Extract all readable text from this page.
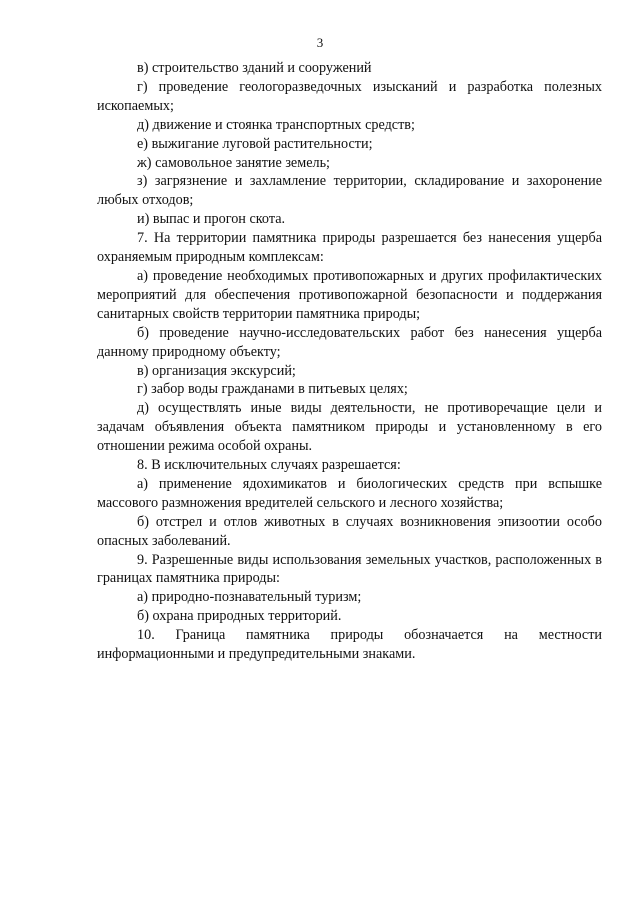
3

в) строительство зданий и сооружений

г) проведение геологоразведочных изысканий и разработка полезных ископаемых;

д) движение и стоянка транспортных средств;

е) выжигание луговой растительности;

ж) самовольное занятие земель;

з) загрязнение и захламление территории, складирование и захоронение любых отходов;

и) выпас и прогон скота.

7. На территории памятника природы разрешается без нанесения ущерба охраняемым природным комплексам:

а) проведение необходимых противопожарных и других профилактических мероприятий для обеспечения противопожарной безопасности и поддержания санитарных свойств территории памятника природы;

б) проведение научно-исследовательских работ без нанесения ущерба данному природному объекту;

в) организация экскурсий;

г) забор воды гражданами в питьевых целях;

д) осуществлять иные виды деятельности, не противоречащие цели и задачам объявления объекта памятником природы и установленному в его отношении режима особой охраны.

8. В исключительных случаях разрешается:

а) применение ядохимикатов и биологических средств при вспышке массового размножения вредителей сельского и лесного хозяйства;

б) отстрел и отлов животных в случаях возникновения эпизоотии особо опасных заболеваний.

9. Разрешенные виды использования земельных участков, расположенных в границах памятника природы:

а) природно-познавательный туризм;

б) охрана природных территорий.

10. Граница памятника природы обозначается на местности информационными и предупредительными знаками.
